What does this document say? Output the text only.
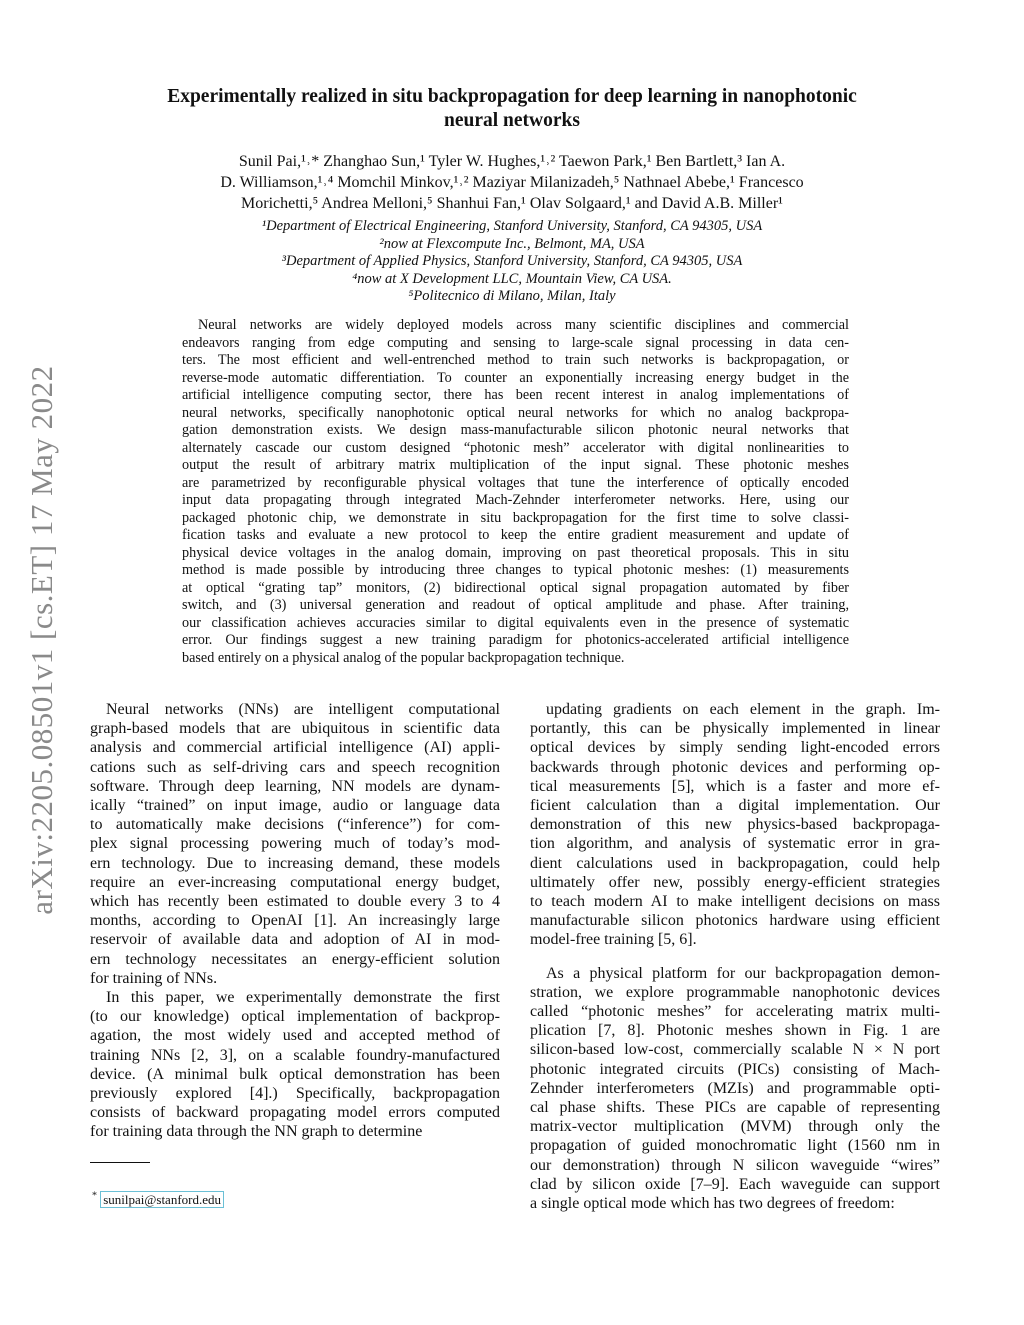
arXiv:2205.08501v1 [cs.ET] 17 May 2022
Experimentally realized in situ backpropagation for deep learning in nanophotonic
neural networks
Sunil Pai,¹˒* Zhanghao Sun,¹ Tyler W. Hughes,¹˒² Taewon Park,¹ Ben Bartlett,³ Ian A.
D. Williamson,¹˒⁴ Momchil Minkov,¹˒² Maziyar Milanizadeh,⁵ Nathnael Abebe,¹ Francesco
Morichetti,⁵ Andrea Melloni,⁵ Shanhui Fan,¹ Olav Solgaard,¹ and David A.B. Miller¹
¹Department of Electrical Engineering, Stanford University, Stanford, CA 94305, USA
²now at Flexcompute Inc., Belmont, MA, USA
³Department of Applied Physics, Stanford University, Stanford, CA 94305, USA
⁴now at X Development LLC, Mountain View, CA USA.
⁵Politecnico di Milano, Milan, Italy
Neural networks are widely deployed models across many scientific disciplines and commercial
endeavors ranging from edge computing and sensing to large-scale signal processing in data cen-
ters. The most efficient and well-entrenched method to train such networks is backpropagation, or
reverse-mode automatic differentiation. To counter an exponentially increasing energy budget in the
artificial intelligence computing sector, there has been recent interest in analog implementations of
neural networks, specifically nanophotonic optical neural networks for which no analog backpropa-
gation demonstration exists. We design mass-manufacturable silicon photonic neural networks that
alternately cascade our custom designed “photonic mesh” accelerator with digital nonlinearities to
output the result of arbitrary matrix multiplication of the input signal. These photonic meshes
are parametrized by reconfigurable physical voltages that tune the interference of optically encoded
input data propagating through integrated Mach-Zehnder interferometer networks. Here, using our
packaged photonic chip, we demonstrate in situ backpropagation for the first time to solve classi-
fication tasks and evaluate a new protocol to keep the entire gradient measurement and update of
physical device voltages in the analog domain, improving on past theoretical proposals. This in situ
method is made possible by introducing three changes to typical photonic meshes: (1) measurements
at optical “grating tap” monitors, (2) bidirectional optical signal propagation automated by fiber
switch, and (3) universal generation and readout of optical amplitude and phase. After training,
our classification achieves accuracies similar to digital equivalents even in the presence of systematic
error. Our findings suggest a new training paradigm for photonics-accelerated artificial intelligence
based entirely on a physical analog of the popular backpropagation technique.
Neural networks (NNs) are intelligent computational
graph-based models that are ubiquitous in scientific data
analysis and commercial artificial intelligence (AI) appli-
cations such as self-driving cars and speech recognition
software. Through deep learning, NN models are dynam-
ically “trained” on input image, audio or language data
to automatically make decisions (“inference”) for com-
plex signal processing powering much of today’s mod-
ern technology. Due to increasing demand, these models
require an ever-increasing computational energy budget,
which has recently been estimated to double every 3 to 4
months, according to OpenAI [1]. An increasingly large
reservoir of available data and adoption of AI in mod-
ern technology necessitates an energy-efficient solution
for training of NNs.
In this paper, we experimentally demonstrate the first
(to our knowledge) optical implementation of backprop-
agation, the most widely used and accepted method of
training NNs [2, 3], on a scalable foundry-manufactured
device. (A minimal bulk optical demonstration has been
previously explored [4].) Specifically, backpropagation
consists of backward propagating model errors computed
for training data through the NN graph to determine
updating gradients on each element in the graph. Im-
portantly, this can be physically implemented in linear
optical devices by simply sending light-encoded errors
backwards through photonic devices and performing op-
tical measurements [5], which is a faster and more ef-
ficient calculation than a digital implementation. Our
demonstration of this new physics-based backpropaga-
tion algorithm, and analysis of systematic error in gra-
dient calculations used in backpropagation, could help
ultimately offer new, possibly energy-efficient strategies
to teach modern AI to make intelligent decisions on mass
manufacturable silicon photonics hardware using efficient
model-free training [5, 6].
As a physical platform for our backpropagation demon-
stration, we explore programmable nanophotonic devices
called “photonic meshes” for accelerating matrix multi-
plication [7, 8]. Photonic meshes shown in Fig. 1 are
silicon-based low-cost, commercially scalable N × N port
photonic integrated circuits (PICs) consisting of Mach-
Zehnder interferometers (MZIs) and programmable opti-
cal phase shifts. These PICs are capable of representing
matrix-vector multiplication (MVM) through only the
propagation of guided monochromatic light (1560 nm in
our demonstration) through N silicon waveguide “wires”
clad by silicon oxide [7–9]. Each waveguide can support
a single optical mode which has two degrees of freedom:
* sunilpai@stanford.edu
